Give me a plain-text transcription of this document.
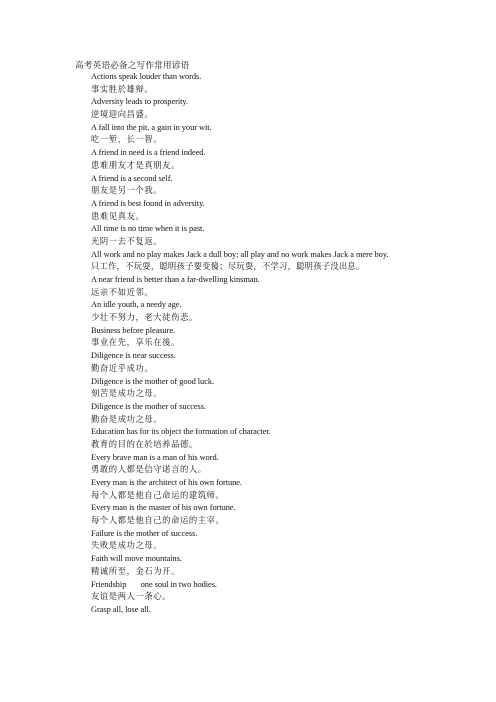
高考英语必备之写作常用谚语
Actions speak louder than words.
事实胜於雄辩。
Adversity leads to prosperity.
逆境迎向昌盛。
A fall into the pit, a gain in your wit.
吃一堑，长一智。
A friend in need is a friend indeed.
患难朋友才是真朋友。
A friend is a second self.
朋友是另一个我。
A friend is best found in adversity.
患难见真友。
All time is no time when it is past.
光阴一去不复返。
All work and no play makes Jack a dull boy; all play and no work makes Jack a mere boy.
只工作，不玩耍，聪明孩子要变傻；尽玩耍，不学习，聪明孩子没出息。
A near friend is better than a far-dwelling kinsman.
远亲不如近邻。
An idle youth, a needy age.
少壮不努力，老大徒伤悲。
Business before pleasure.
事业在先，享乐在後。
Diligence is near success.
勤奋近乎成功。
Diligence is the mother of good luck.
刻苦是成功之母。
Diligence is the mother of success.
勤奋是成功之母。
Education has for its object the formation of character.
教育的目的在於培养品德。
Every brave man is a man of his word.
勇敢的人都是信守诺言的人。
Every man is the architect of his own fortune.
每个人都是他自己命运的建筑师。
Every man is the master of his own fortune.
每个人都是他自己的命运的主宰。
Failure is the mother of success.
失败是成功之母。
Faith will move mountains.
精诚所至，金石为开。
Friendship       one soul in two bodies.
友谊是两人一条心。
Grasp all, lose all.
